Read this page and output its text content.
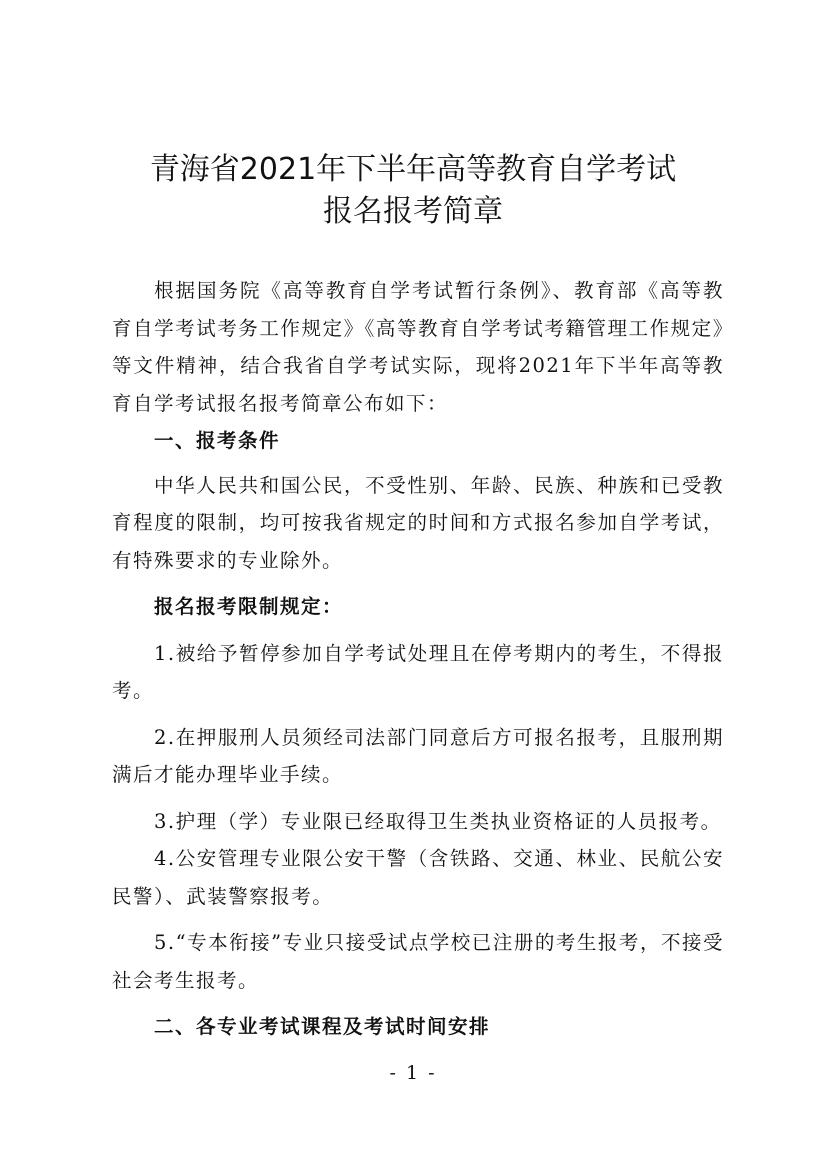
青海省2021年下半年高等教育自学考试
报名报考简章

根据国务院《高等教育自学考试暂行条例》、教育部《高等教育自学考试考务工作规定》《高等教育自学考试考籍管理工作规定》等文件精神，结合我省自学考试实际，现将2021年下半年高等教育自学考试报名报考简章公布如下：

一、报考条件

中华人民共和国公民，不受性别、年龄、民族、种族和已受教育程度的限制，均可按我省规定的时间和方式报名参加自学考试，有特殊要求的专业除外。

报名报考限制规定：

1.被给予暂停参加自学考试处理且在停考期内的考生，不得报考。

2.在押服刑人员须经司法部门同意后方可报名报考，且服刑期满后才能办理毕业手续。

3.护理（学）专业限已经取得卫生类执业资格证的人员报考。

4.公安管理专业限公安干警（含铁路、交通、林业、民航公安民警）、武装警察报考。

5.“专本衔接”专业只接受试点学校已注册的考生报考，不接受社会考生报考。

二、各专业考试课程及考试时间安排
- 1 -
